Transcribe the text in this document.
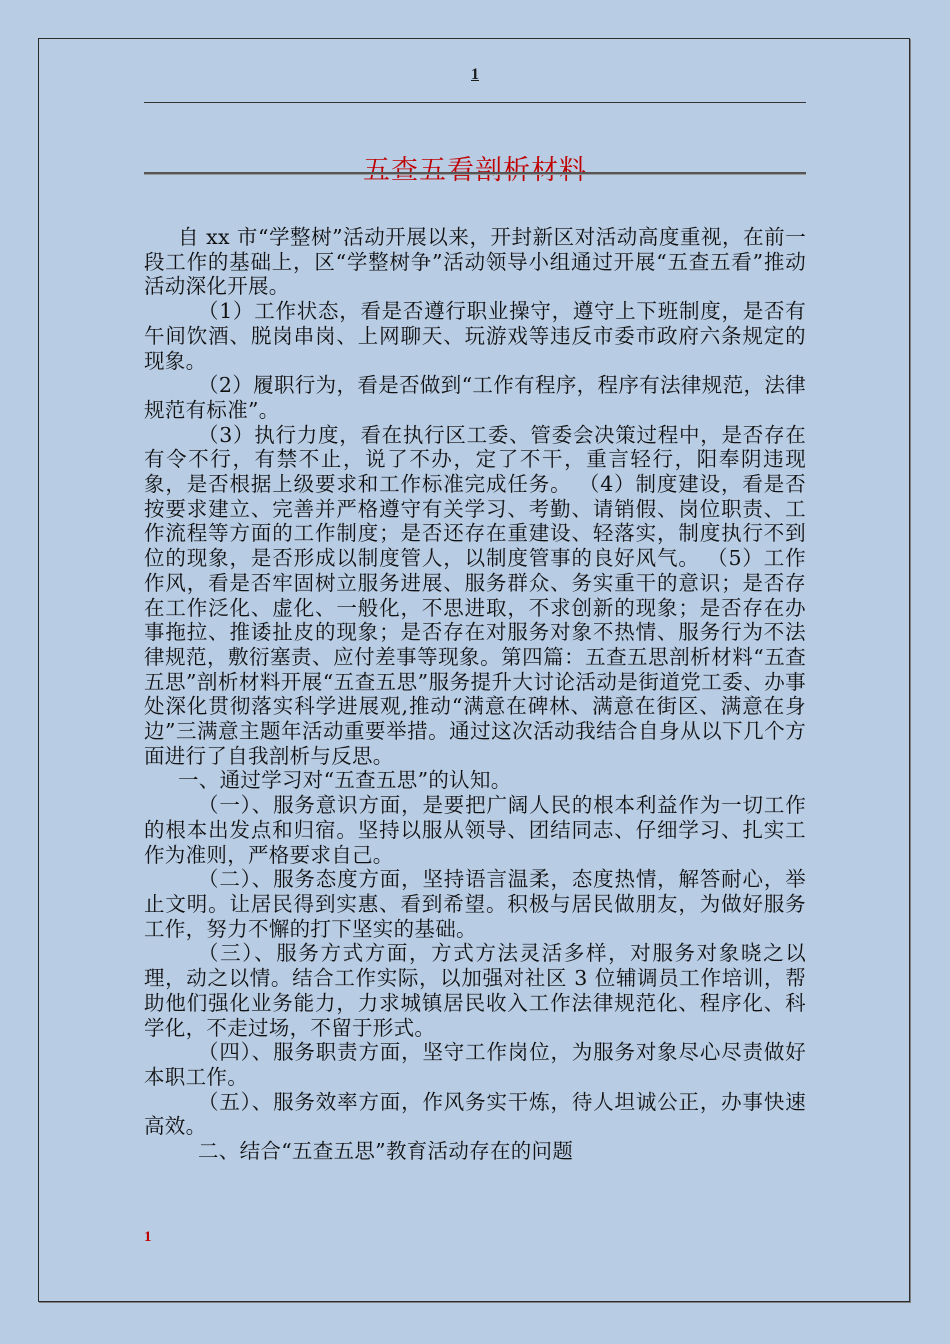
1
五查五看剖析材料

自 xx 市“学整树”活动开展以来，开封新区对活动高度重视，在前一段工作的基础上，区“学整树争”活动领导小组通过开展“五查五看”推动活动深化开展。

（1）工作状态，看是否遵行职业操守，遵守上下班制度，是否有午间饮酒、脱岗串岗、上网聊天、玩游戏等违反市委市政府六条规定的现象。

（2）履职行为，看是否做到“工作有程序，程序有法律规范，法律规范有标准”。

（3）执行力度，看在执行区工委、管委会决策过程中，是否存在有令不行，有禁不止，说了不办，定了不干，重言轻行，阳奉阴违现象，是否根据上级要求和工作标准完成任务。 （4）制度建设，看是否按要求建立、完善并严格遵守有关学习、考勤、请销假、岗位职责、工作流程等方面的工作制度；是否还存在重建设、轻落实，制度执行不到位的现象，是否形成以制度管人，以制度管事的良好风气。 （5）工作作风，看是否牢固树立服务进展、服务群众、务实重干的意识；是否存在工作泛化、虚化、一般化，不思进取，不求创新的现象；是否存在办事拖拉、推诿扯皮的现象；是否存在对服务对象不热情、服务行为不法律规范，敷衍塞责、应付差事等现象。第四篇：五查五思剖析材料“五查五思”剖析材料开展“五查五思”服务提升大讨论活动是街道党工委、办事处深化贯彻落实科学进展观,推动“满意在碑林、满意在街区、满意在身边”三满意主题年活动重要举措。通过这次活动我结合自身从以下几个方面进行了自我剖析与反思。

一、通过学习对“五查五思”的认知。

（一）、服务意识方面，是要把广阔人民的根本利益作为一切工作的根本出发点和归宿。坚持以服从领导、团结同志、仔细学习、扎实工作为准则，严格要求自己。

（二）、服务态度方面，坚持语言温柔，态度热情，解答耐心，举止文明。让居民得到实惠、看到希望。积极与居民做朋友，为做好服务工作，努力不懈的打下坚实的基础。

（三）、服务方式方面，方式方法灵活多样，对服务对象晓之以理，动之以情。结合工作实际，以加强对社区 3 位辅调员工作培训，帮助他们强化业务能力，力求城镇居民收入工作法律规范化、程序化、科学化，不走过场，不留于形式。

（四）、服务职责方面，坚守工作岗位，为服务对象尽心尽责做好本职工作。

（五）、服务效率方面，作风务实干炼，待人坦诚公正，办事快速高效。

二、结合“五查五思”教育活动存在的问题

1
